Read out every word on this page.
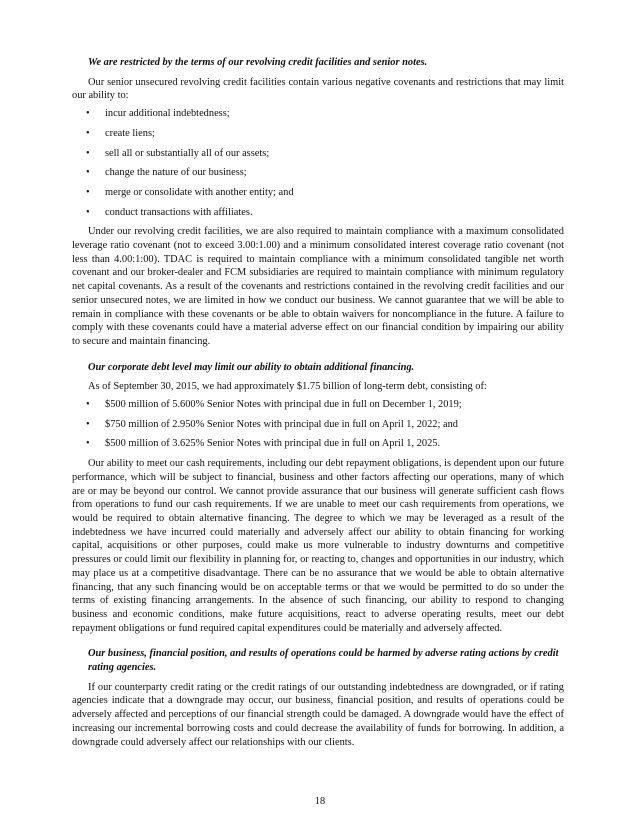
We are restricted by the terms of our revolving credit facilities and senior notes.

Our senior unsecured revolving credit facilities contain various negative covenants and restrictions that may limit our ability to:

• incur additional indebtedness;
• create liens;
• sell all or substantially all of our assets;
• change the nature of our business;
• merge or consolidate with another entity; and
• conduct transactions with affiliates.

Under our revolving credit facilities, we are also required to maintain compliance with a maximum consolidated leverage ratio covenant (not to exceed 3.00:1.00) and a minimum consolidated interest coverage ratio covenant (not less than 4.00:1:00). TDAC is required to maintain compliance with a minimum consolidated tangible net worth covenant and our broker-dealer and FCM subsidiaries are required to maintain compliance with minimum regulatory net capital covenants. As a result of the covenants and restrictions contained in the revolving credit facilities and our senior unsecured notes, we are limited in how we conduct our business. We cannot guarantee that we will be able to remain in compliance with these covenants or be able to obtain waivers for noncompliance in the future. A failure to comply with these covenants could have a material adverse effect on our financial condition by impairing our ability to secure and maintain financing.

Our corporate debt level may limit our ability to obtain additional financing.

As of September 30, 2015, we had approximately $1.75 billion of long-term debt, consisting of:

• $500 million of 5.600% Senior Notes with principal due in full on December 1, 2019;
• $750 million of 2.950% Senior Notes with principal due in full on April 1, 2022; and
• $500 million of 3.625% Senior Notes with principal due in full on April 1, 2025.

Our ability to meet our cash requirements, including our debt repayment obligations, is dependent upon our future performance, which will be subject to financial, business and other factors affecting our operations, many of which are or may be beyond our control. We cannot provide assurance that our business will generate sufficient cash flows from operations to fund our cash requirements. If we are unable to meet our cash requirements from operations, we would be required to obtain alternative financing. The degree to which we may be leveraged as a result of the indebtedness we have incurred could materially and adversely affect our ability to obtain financing for working capital, acquisitions or other purposes, could make us more vulnerable to industry downturns and competitive pressures or could limit our flexibility in planning for, or reacting to, changes and opportunities in our industry, which may place us at a competitive disadvantage. There can be no assurance that we would be able to obtain alternative financing, that any such financing would be on acceptable terms or that we would be permitted to do so under the terms of existing financing arrangements. In the absence of such financing, our ability to respond to changing business and economic conditions, make future acquisitions, react to adverse operating results, meet our debt repayment obligations or fund required capital expenditures could be materially and adversely affected.

Our business, financial position, and results of operations could be harmed by adverse rating actions by credit rating agencies.

If our counterparty credit rating or the credit ratings of our outstanding indebtedness are downgraded, or if rating agencies indicate that a downgrade may occur, our business, financial position, and results of operations could be adversely affected and perceptions of our financial strength could be damaged. A downgrade would have the effect of increasing our incremental borrowing costs and could decrease the availability of funds for borrowing. In addition, a downgrade could adversely affect our relationships with our clients.

18
